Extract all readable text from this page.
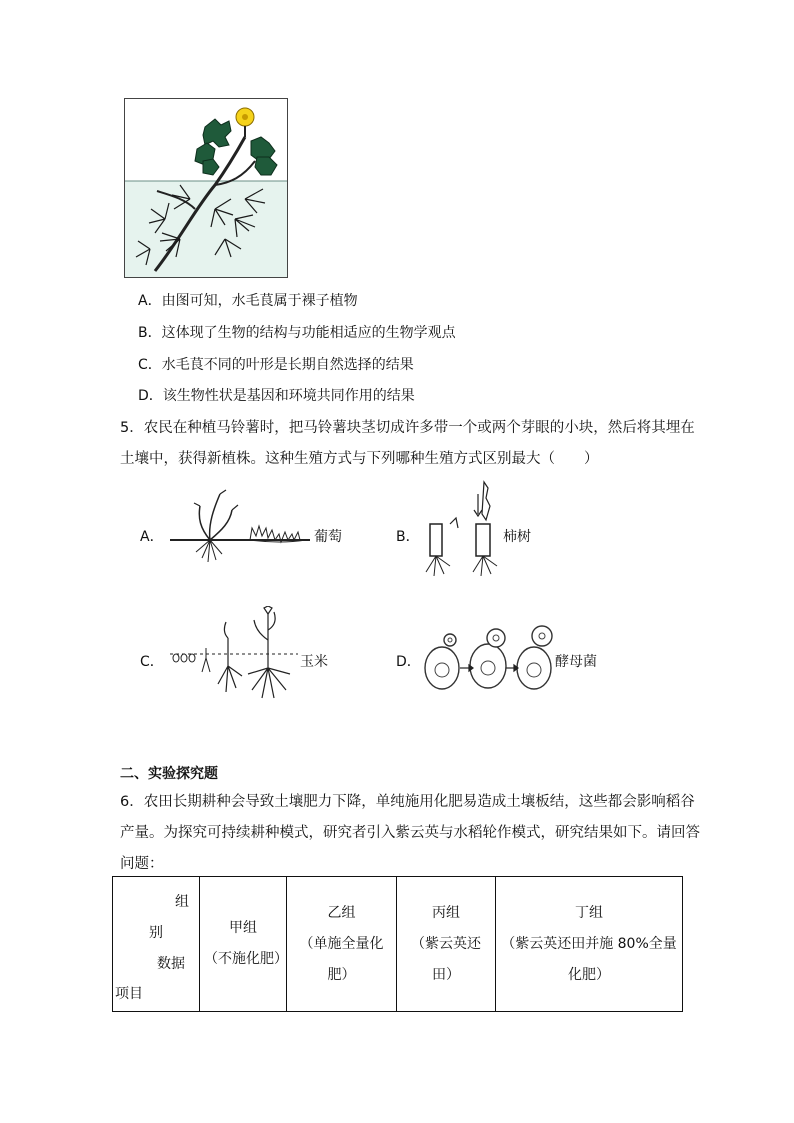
A．由图可知，水毛茛属于裸子植物
B．这体现了生物的结构与功能相适应的生物学观点
C．水毛茛不同的叶形是长期自然选择的结果
D．该生物性状是基因和环境共同作用的结果
5．农民在种植马铃薯时，把马铃薯块茎切成许多带一个或两个芽眼的小块，然后将其埋在
土壤中，获得新植株。这种生殖方式与下列哪种生殖方式区别最大（　　）
A．	葡萄	B．	柿树
C．	玉米	D．	酵母菌
二、实验探究题
6．农田长期耕种会导致土壤肥力下降，单纯施用化肥易造成土壤板结，这些都会影响稻谷
产量。为探究可持续耕种模式，研究者引入紫云英与水稻轮作模式，研究结果如下。请回答
问题：
组
别
数据
项目

甲组
（不施化肥）

乙组
（单施全量化
肥）

丙组
（紫云英还
田）

丁组
（紫云英还田并施 80%全量
化肥）
